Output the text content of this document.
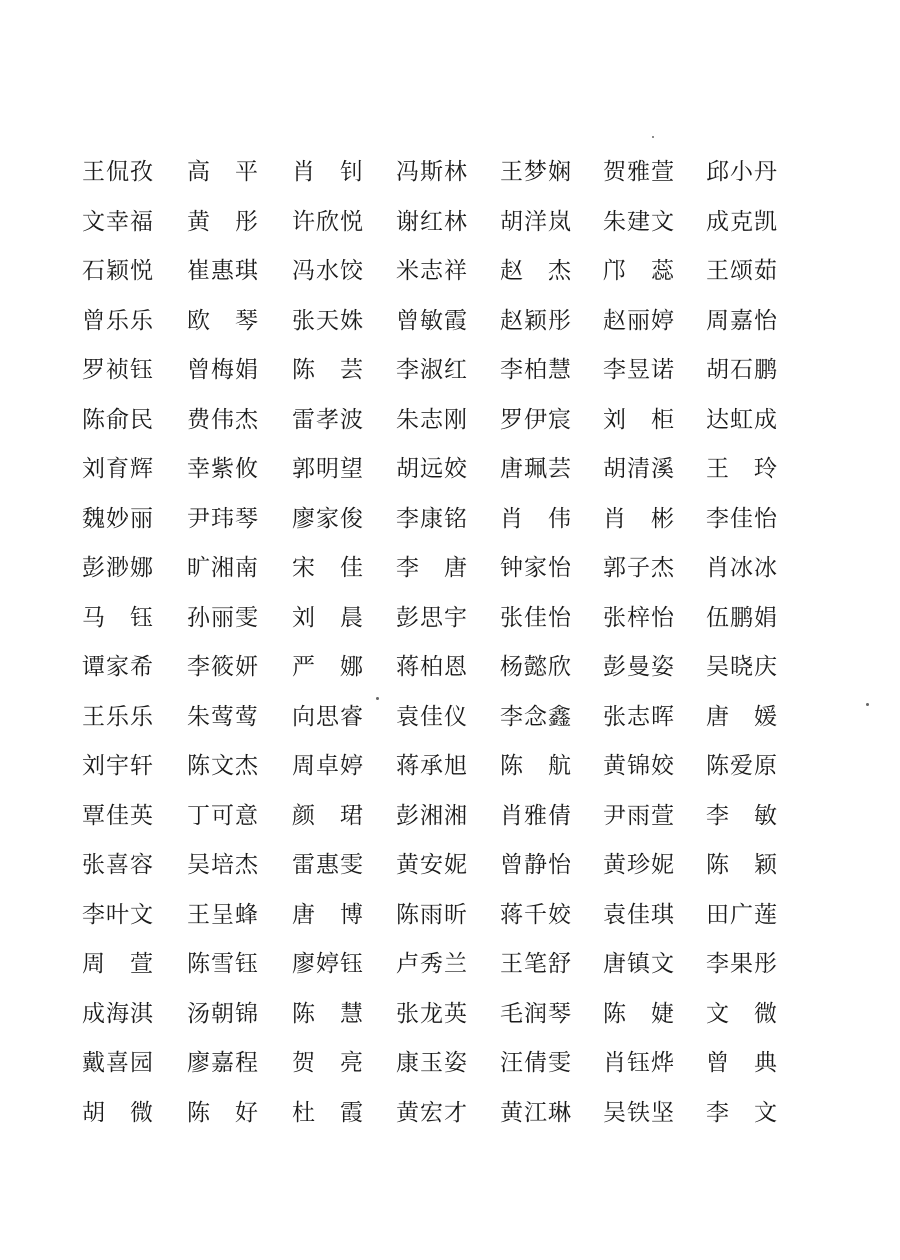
王侃孜 高　平 肖　钊 冯斯林 王梦娴 贺雅萱 邱小丹
文幸福 黄　彤 许欣悦 谢红林 胡洋岚 朱建文 成克凯
石颖悦 崔惠琪 冯水饺 米志祥 赵　杰 邝　蕊 王颂茹
曾乐乐 欧　琴 张天姝 曾敏霞 赵颖彤 赵丽婷 周嘉怡
罗祯钰 曾梅娟 陈　芸 李淑红 李柏慧 李昱诺 胡石鹏
陈俞民 费伟杰 雷孝波 朱志刚 罗伊宸 刘　柜 达虹成
刘育辉 幸紫攸 郭明望 胡远姣 唐珮芸 胡清溪 王　玲
魏妙丽 尹玮琴 廖家俊 李康铭 肖　伟 肖　彬 李佳怡
彭渺娜 旷湘南 宋　佳 李　唐 钟家怡 郭子杰 肖冰冰
马　钰 孙丽雯 刘　晨 彭思宇 张佳怡 张梓怡 伍鹏娟
谭家希 李筱妍 严　娜 蒋柏恩 杨懿欣 彭曼姿 吴晓庆
王乐乐 朱莺莺 向思睿 袁佳仪 李念鑫 张志晖 唐　媛
刘宇轩 陈文杰 周卓婷 蒋承旭 陈　航 黄锦姣 陈爱原
覃佳英 丁可意 颜　珺 彭湘湘 肖雅倩 尹雨萱 李　敏
张喜容 吴培杰 雷惠雯 黄安妮 曾静怡 黄珍妮 陈　颖
李叶文 王呈蜂 唐　博 陈雨昕 蒋千姣 袁佳琪 田广莲
周　萱 陈雪钰 廖婷钰 卢秀兰 王笔舒 唐镇文 李果彤
成海淇 汤朝锦 陈　慧 张龙英 毛润琴 陈　婕 文　微
戴喜园 廖嘉程 贺　亮 康玉姿 汪倩雯 肖钰烨 曾　典
胡　微 陈　好 杜　霞 黄宏才 黄江琳 吴铁坚 李　文
